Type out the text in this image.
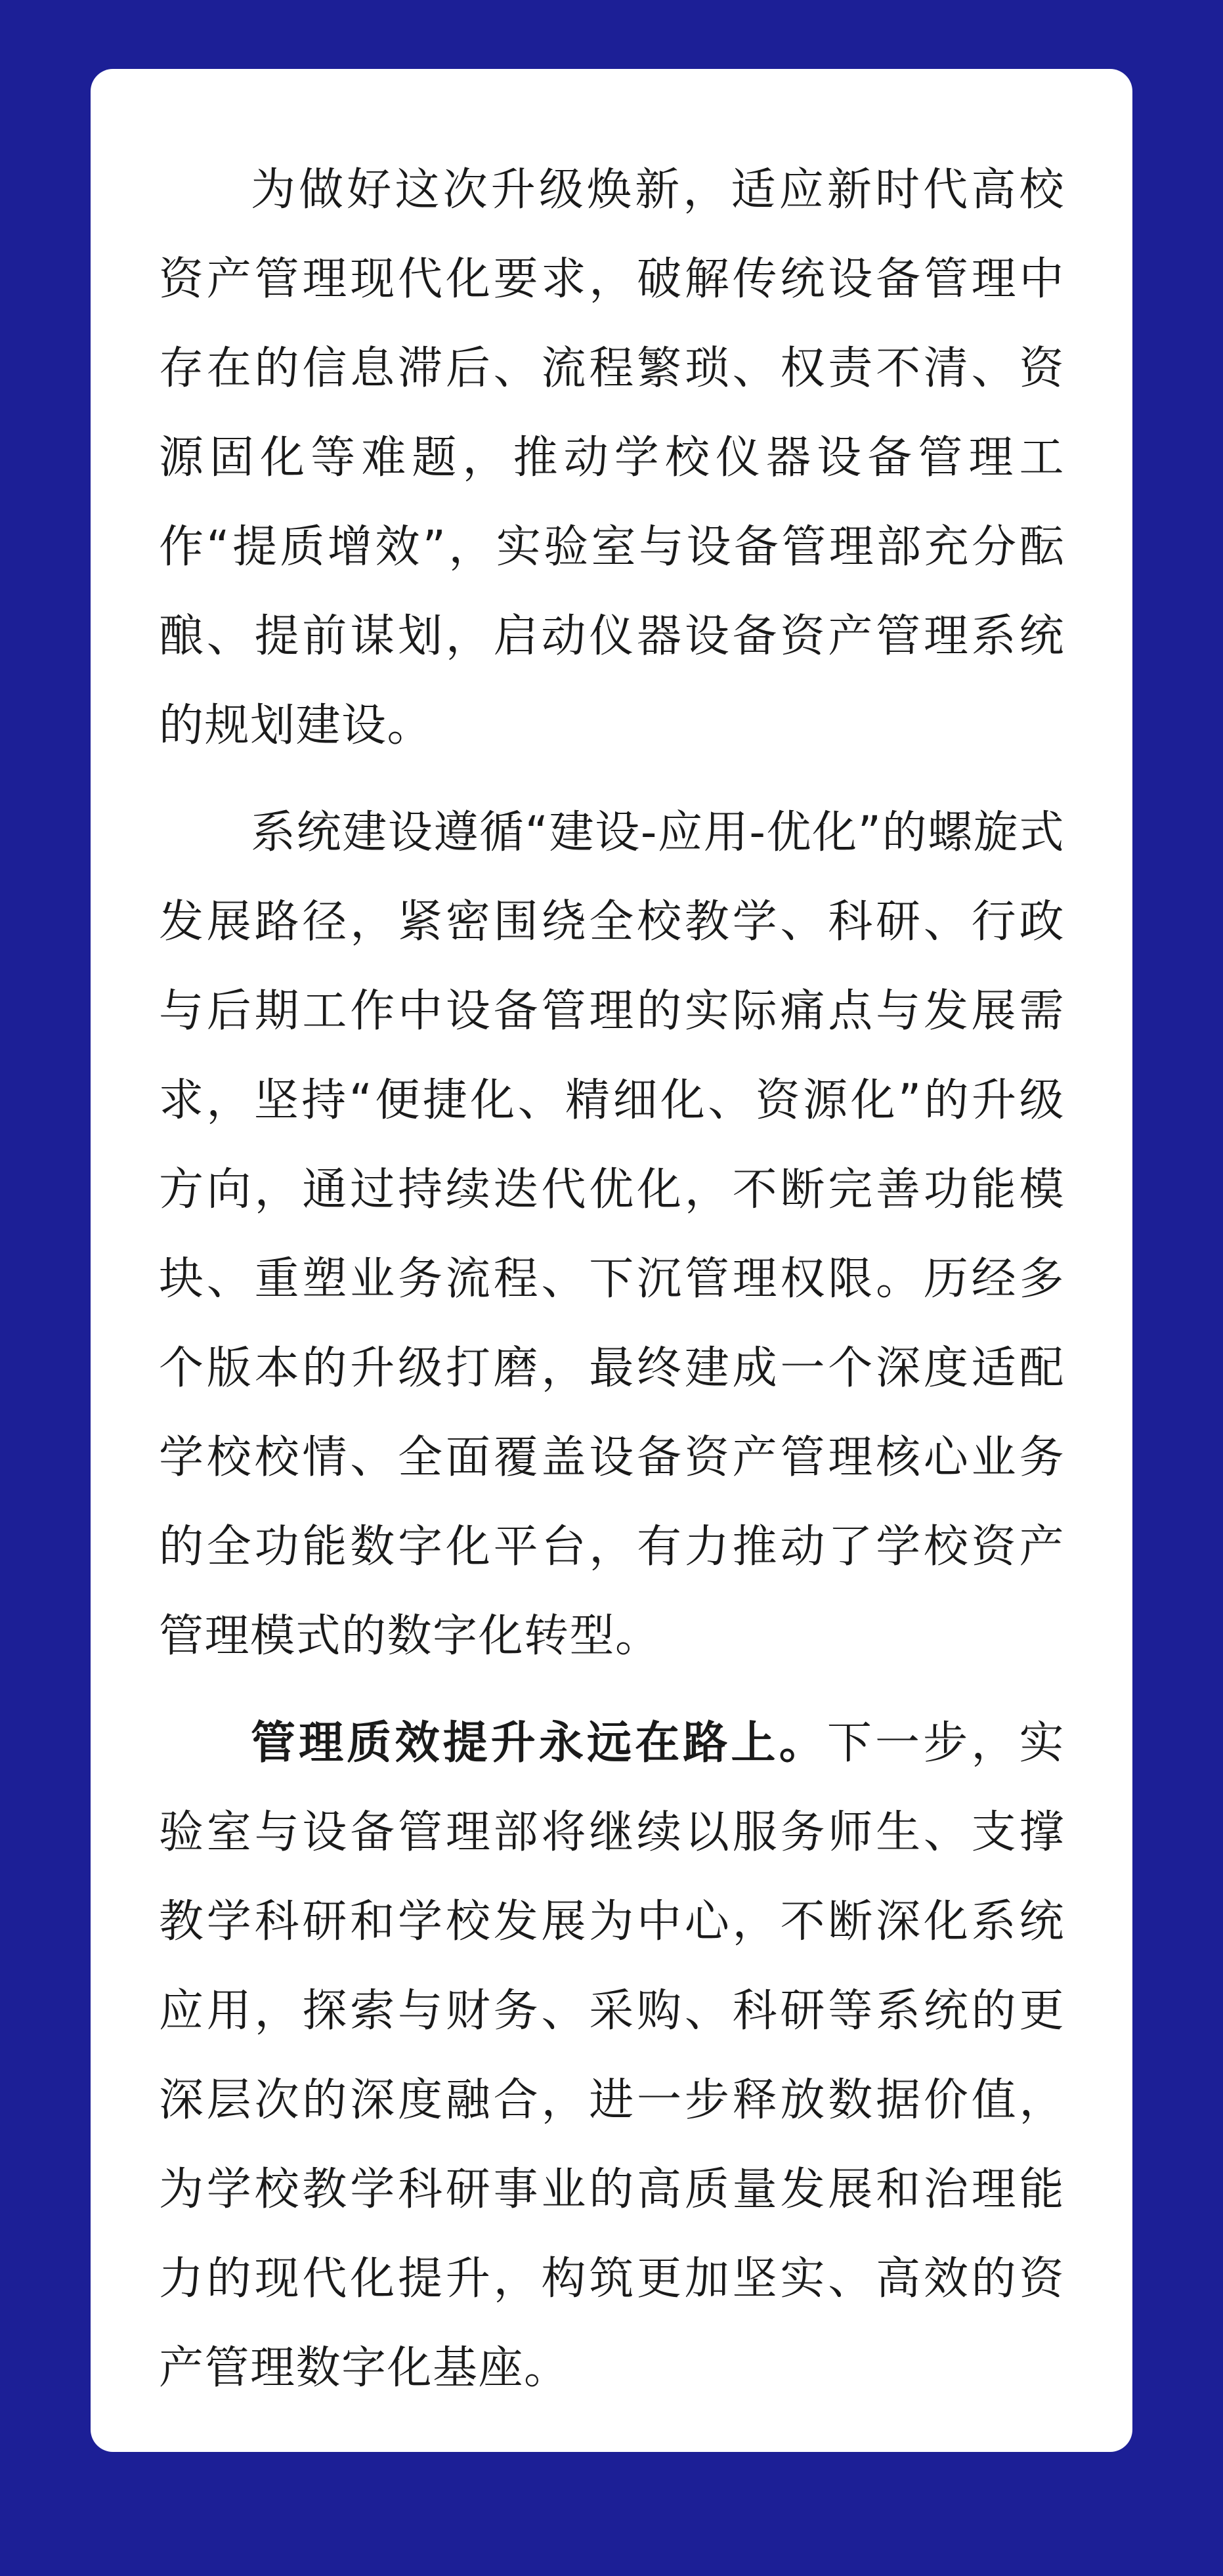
为做好这次升级焕新，适应新时代高校资产管理现代化要求，破解传统设备管理中存在的信息滞后、流程繁琐、权责不清、资源固化等难题，推动学校仪器设备管理工作“提质增效”，实验室与设备管理部充分酝酿、提前谋划，启动仪器设备资产管理系统的规划建设。

系统建设遵循“建设-应用-优化”的螺旋式发展路径，紧密围绕全校教学、科研、行政与后期工作中设备管理的实际痛点与发展需求，坚持“便捷化、精细化、资源化”的升级方向，通过持续迭代优化，不断完善功能模块、重塑业务流程、下沉管理权限。历经多个版本的升级打磨，最终建成一个深度适配学校校情、全面覆盖设备资产管理核心业务的全功能数字化平台，有力推动了学校资产管理模式的数字化转型。

管理质效提升永远在路上。下一步，实验室与设备管理部将继续以服务师生、支撑教学科研和学校发展为中心，不断深化系统应用，探索与财务、采购、科研等系统的更深层次的深度融合，进一步释放数据价值，为学校教学科研事业的高质量发展和治理能力的现代化提升，构筑更加坚实、高效的资产管理数字化基座。
